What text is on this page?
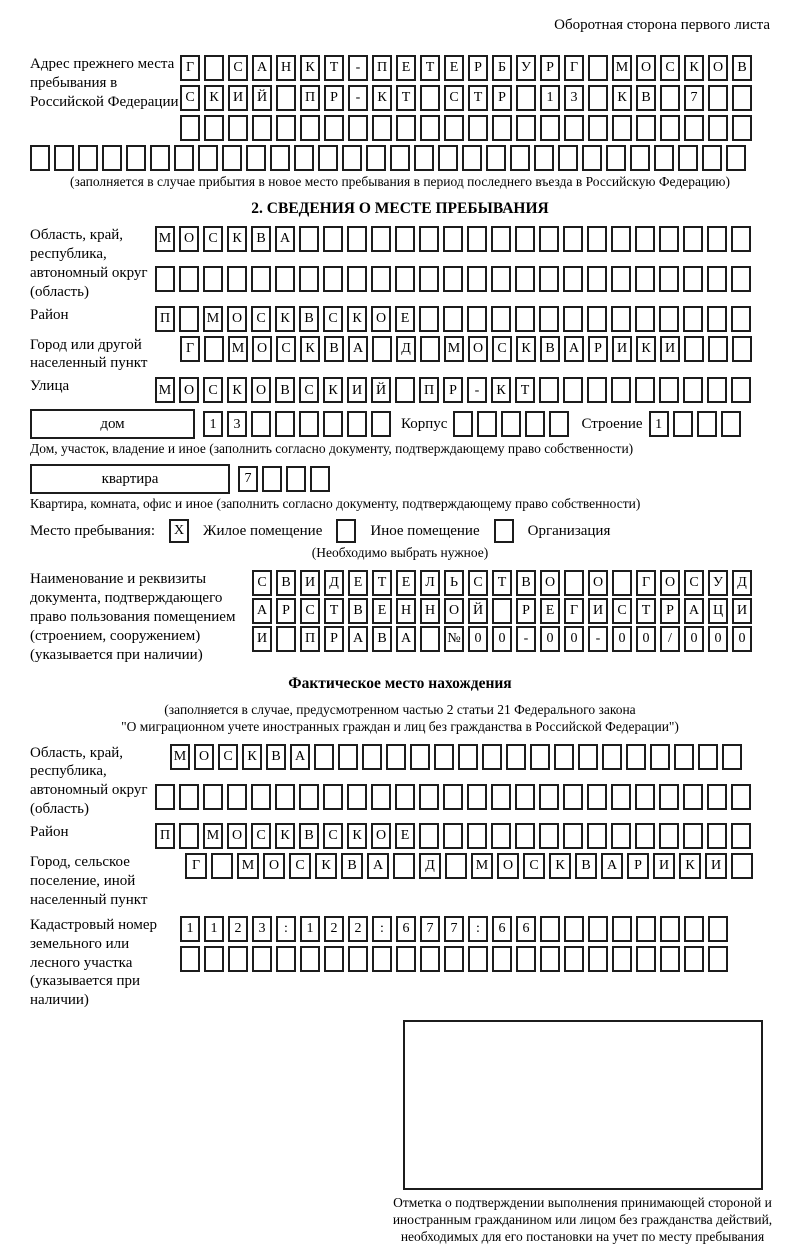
Оборотная сторона первого листа
Адрес прежнего места пребывания в Российской Федерации
Г	С	А Н	К	Т	-	П	Е	Т	Е	Р	Б	У	Р	Г	М О	С	К	О	В
С	К	И Й	П	Р	-	К	Т	С	Т	Р	1	3	К	В	7
(заполняется в случае прибытия в новое место пребывания в период последнего въезда в Российскую Федерацию)
2. СВЕДЕНИЯ О МЕСТЕ ПРЕБЫВАНИЯ
Область, край, республика, автономный округ (область)
М О	С	К	В	А
Район	П	М О	С	К	В	С	К	О	Е
Город или другой населенный пункт
Г	М О	С	К	В	А	Д	М О	С	К	В	А	Р	И	К	И
Улица	М О	С	К	О	В	С	К	И Й	П	Р	-	К	Т
дом	1	3	Корпус	Строение 1
Дом, участок, владение и иное (заполнить согласно документу, подтверждающему право собственности)
квартира	7
Квартира, комната, офис и иное (заполнить согласно документу, подтверждающему право собственности)
Место пребывания:	X	Жилое помещение	Иное помещение	Организация
(Необходимо выбрать нужное)
Наименование и реквизиты документа, подтверждающего право пользования помещением (строением, сооружением) (указывается при наличии)
С	В	И	Д	Е	Т	Е	Л	Ь	С	Т	В	О	О	Г	О	С	У	Д
А	Р	С	Т	В	Е	Н Н О Й	Р	Е	Г	И	С	Т	Р	А Ц И
И	П	Р	А	В	А	№ 0	0	-	0	0	-	0	0	/	0	0	0
Фактическое место нахождения
(заполняется в случае, предусмотренном частью 2 статьи 21 Федерального закона
"О миграционном учете иностранных граждан и лиц без гражданства в Российской Федерации")
Область, край, республика, автономный округ (область)
М О	С	К	В	А
Район	П	М О	С	К	В	С	К	О	Е
Город, сельское поселение, иной населенный пункт
Г	М	О	С	К	В	А	Д	М	О	С	К	В	А	Р	И	К	И
Кадастровый номер земельного или лесного участка (указывается при наличии)
1	1	2	3	:	1	2	2	:	6	7	7	:	6	6
Отметка о подтверждении выполнения принимающей стороной и иностранным гражданином или лицом без гражданства действий, необходимых для его постановки на учет по месту пребывания
